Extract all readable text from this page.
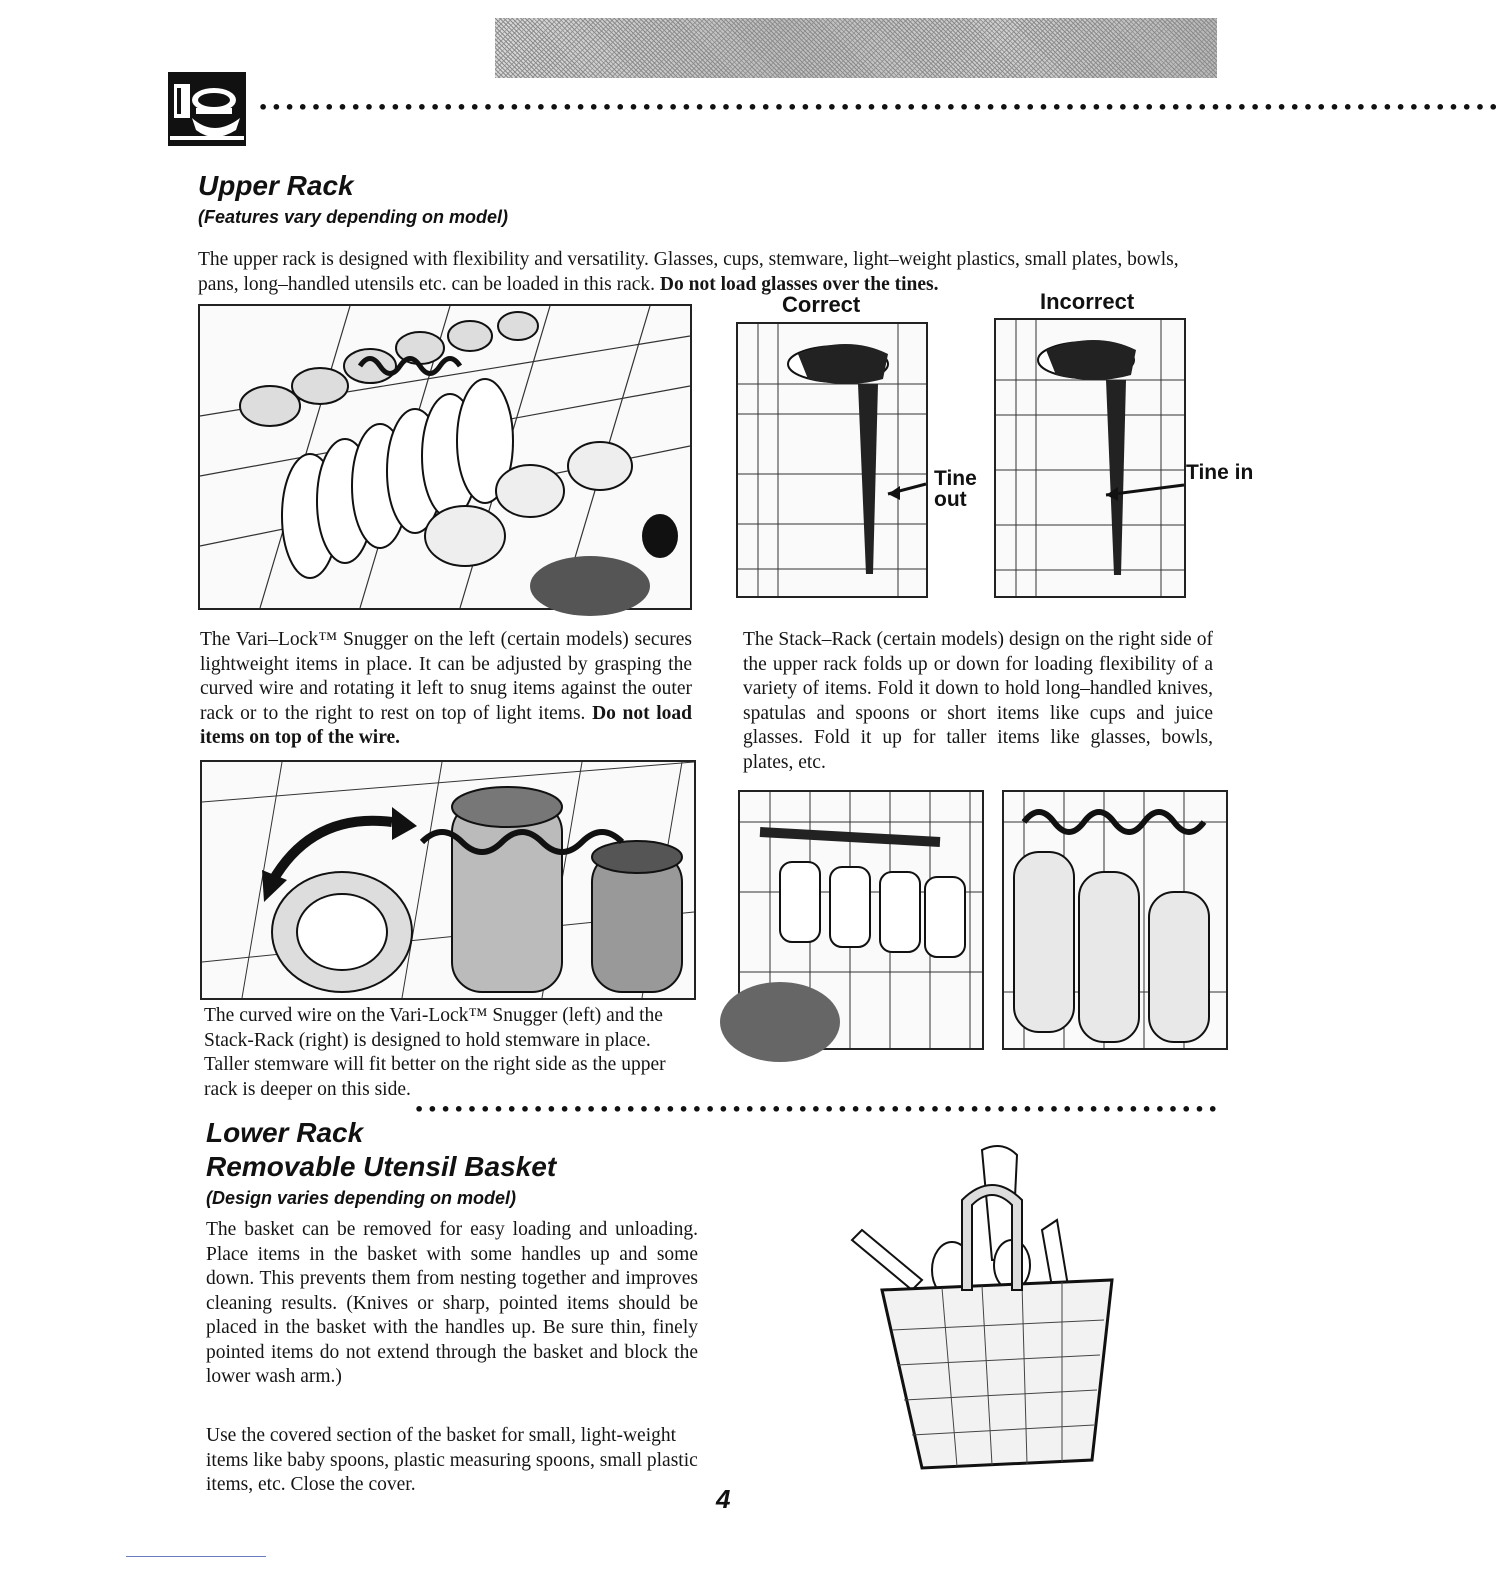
••••••••••••••••••••••••••••••••••••••••••••••••••••••••••••••••••••••••••••••••••••••••••••••
Upper Rack
(Features vary depending on model)

The upper rack is designed with flexibility and versatility. Glasses, cups, stemware, light–weight plastics, small plates, bowls, pans, long–handled utensils etc. can be loaded in this rack. Do not load glasses over the tines.

Correct	Incorrect
Tine
out
Tine in

The Vari–Lock™ Snugger on the left (certain models) secures lightweight items in place. It can be adjusted by grasping the curved wire and rotating it left to snug items against the outer rack or to the right to rest on top of light items. Do not load items on top of the wire.

The Stack–Rack (certain models) design on the right side of the upper rack folds up or down for loading flexibility of a variety of items. Fold it down to hold long–handled knives, spatulas and spoons or short items like cups and juice glasses. Fold it up for taller items like glasses, bowls, plates, etc.

The curved wire on the Vari-Lock™ Snugger (left) and the Stack-Rack (right) is designed to hold stemware in place. Taller stemware will fit better on the right side as the upper rack is deeper on this side.

•••••••••••••••••••••••••••••••••••••••••••••••••••••••••••••
Lower Rack
Removable Utensil Basket
(Design varies depending on model)

The basket can be removed for easy loading and unloading. Place items in the basket with some handles up and some down. This prevents them from nesting together and improves cleaning results. (Knives or sharp, pointed items should be placed in the basket with the handles up. Be sure thin, finely pointed items do not extend through the basket and block the lower wash arm.)

Use the covered section of the basket for small, light-weight items like baby spoons, plastic measuring spoons, small plastic items, etc. Close the cover.	4
